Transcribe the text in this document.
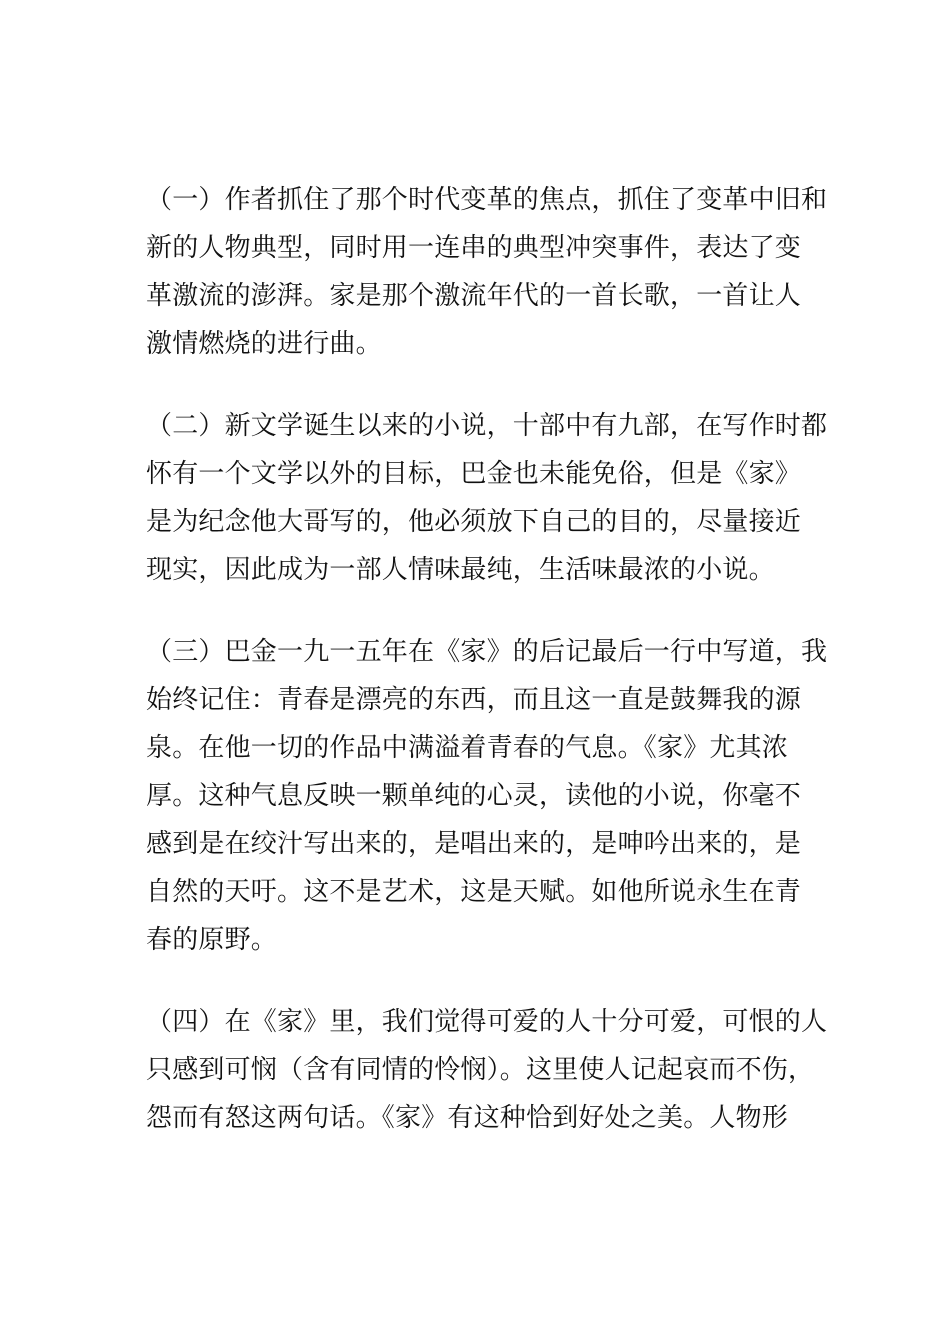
（一）作者抓住了那个时代变革的焦点，抓住了变革中旧和
新的人物典型，同时用一连串的典型冲突事件，表达了变
革激流的澎湃。家是那个激流年代的一首长歌，一首让人
激情燃烧的进行曲。

（二）新文学诞生以来的小说，十部中有九部，在写作时都
怀有一个文学以外的目标，巴金也未能免俗，但是《家》
是为纪念他大哥写的，他必须放下自己的目的，尽量接近
现实，因此成为一部人情味最纯，生活味最浓的小说。

（三）巴金一九一五年在《家》的后记最后一行中写道，我
始终记住：青春是漂亮的东西，而且这一直是鼓舞我的源
泉。在他一切的作品中满溢着青春的气息。《家》尤其浓
厚。这种气息反映一颗单纯的心灵，读他的小说，你毫不
感到是在绞汁写出来的，是唱出来的，是呻吟出来的，是
自然的天吁。这不是艺术，这是天赋。如他所说永生在青
春的原野。

（四）在《家》里，我们觉得可爱的人十分可爱，可恨的人
只感到可悯（含有同情的怜悯）。这里使人记起哀而不伤，
怨而有怒这两句话。《家》有这种恰到好处之美。人物形
